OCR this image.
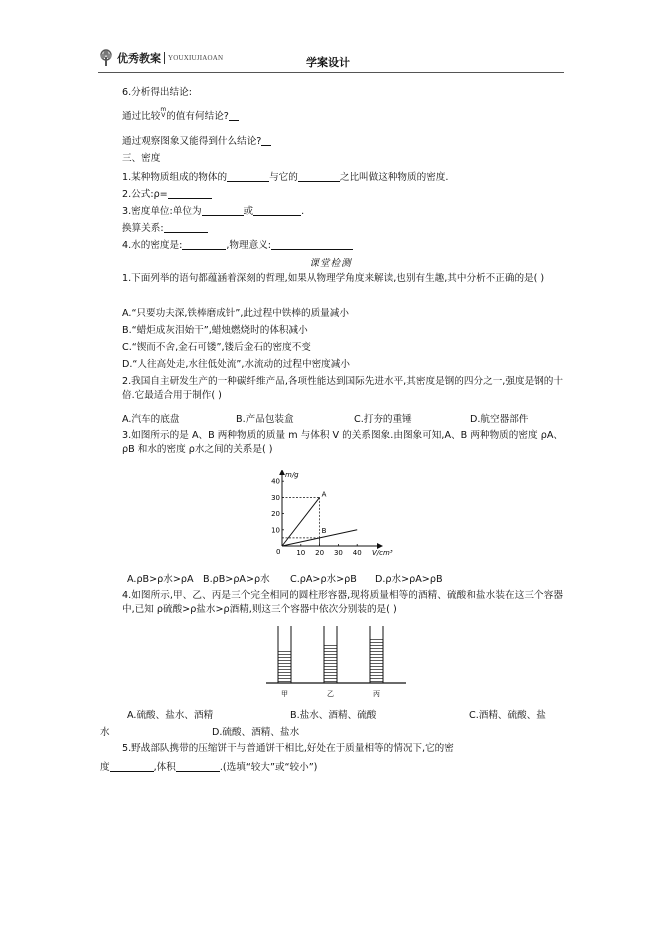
优秀教案 YOUXIUJIAOAN	学案设计
6.分析得出结论:
通过比较m
V的值有何结论?
通过观察图象又能得到什么结论?
三、密度
1.某种物质组成的物体的	与它的	之比叫做这种物质的密度.
2.公式:ρ=
3.密度单位:单位为	或	.
换算关系:
4.水的密度是:	,物理意义:
课堂检测
1.下面列举的语句都蕴涵着深刻的哲理,如果从物理学角度来解读,也别有生趣,其中分析不正确的是( )
A.“只要功夫深,铁棒磨成针”,此过程中铁棒的质量减小
B.“蜡炬成灰泪始干”,蜡烛燃烧时的体积减小
C.“锲而不舍,金石可镂”,镂后金石的密度不变
D.“人往高处走,水往低处流”,水流动的过程中密度减小
2.我国自主研发生产的一种碳纤维产品,各项性能达到国际先进水平,其密度是钢的四分之一,强度是钢的十倍.它最适合用于制作( )
A.汽车的底盘	B.产品包装盒	C.打夯的重锤	D.航空器部件
3.如图所示的是 A、B 两种物质的质量 m 与体积 V 的关系图象.由图象可知,A、B 两种物质的密度 ρA、ρB 和水的密度 ρ水之间的关系是( )
10 20 30 40
10
20
30
40
A
B
m/g
V/cm³
0
A.ρB>ρ水>ρA B.ρB>ρA>ρ水 C.ρA>ρ水>ρB D.ρ水>ρA>ρB
4.如图所示,甲、乙、丙是三个完全相同的圆柱形容器,现将质量相等的酒精、硫酸和盐水装在这三个容器中,已知 ρ硫酸>ρ盐水>ρ酒精,则这三个容器中依次分别装的是( )
甲	乙	丙
A.硫酸、盐水、酒精	B.盐水、酒精、硫酸	C.酒精、硫酸、盐
水	D.硫酸、酒精、盐水
5.野战部队携带的压缩饼干与普通饼干相比,好处在于质量相等的情况下,它的密
度	,体积	.(选填“较大”或“较小”)
